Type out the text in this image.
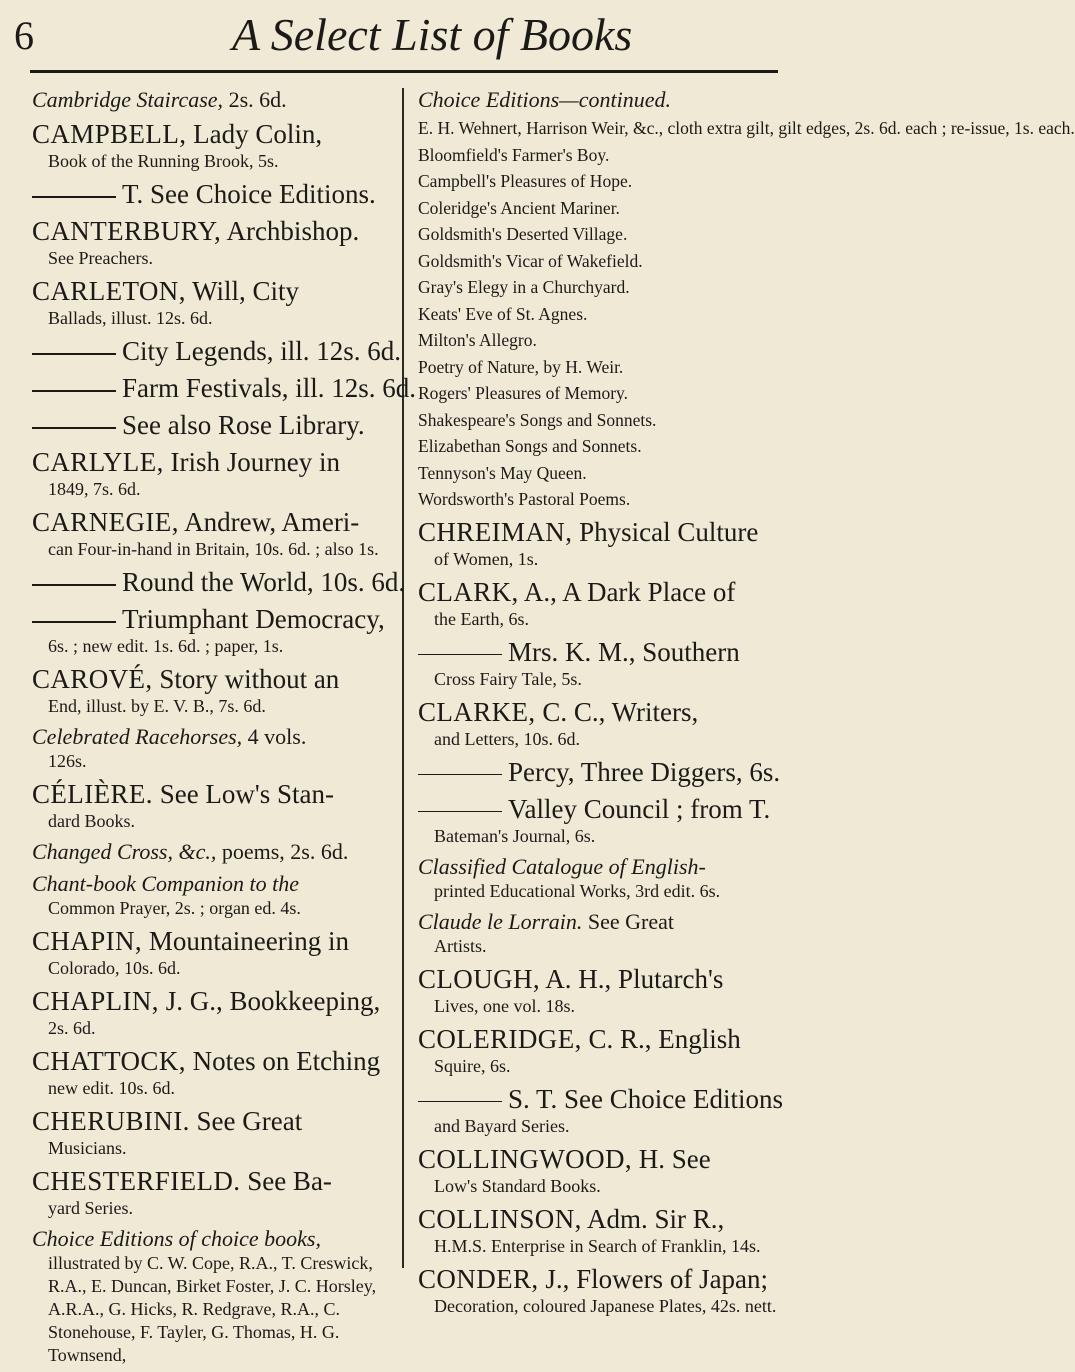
6	A Select List of Books
Cambridge Staircase, 2s. 6d.
CAMPBELL, Lady Colin,
Book of the Running Brook, 5s.
T. See Choice Editions.
CANTERBURY, Archbishop.
See Preachers.
CARLETON, Will, City
Ballads, illust. 12s. 6d.
City Legends, ill. 12s. 6d.
Farm Festivals, ill. 12s. 6d.
See also Rose Library.
CARLYLE, Irish Journey in
1849, 7s. 6d.
CARNEGIE, Andrew, Ameri-
can Four-in-hand in Britain, 10s. 6d. ; also 1s.
Round the World, 10s. 6d.
Triumphant Democracy,
6s. ; new edit. 1s. 6d. ; paper, 1s.
CAROVÉ, Story without an
End, illust. by E. V. B., 7s. 6d.
Celebrated Racehorses, 4 vols.
126s.
CÉLIÈRE. See Low's Stan-
dard Books.
Changed Cross, &c., poems, 2s. 6d.
Chant-book Companion to the
Common Prayer, 2s. ; organ ed. 4s.
CHAPIN, Mountaineering in
Colorado, 10s. 6d.
CHAPLIN, J. G., Bookkeeping,
2s. 6d.
CHATTOCK, Notes on Etching
new edit. 10s. 6d.
CHERUBINI. See Great
Musicians.
CHESTERFIELD. See Ba-
yard Series.
Choice Editions of choice books,
illustrated by C. W. Cope, R.A., T. Creswick, R.A., E. Duncan, Birket Foster, J. C. Horsley, A.R.A., G. Hicks, R. Redgrave, R.A., C. Stonehouse, F. Tayler, G. Thomas, H. G. Townsend,
Choice Editions—continued.
E. H. Wehnert, Harrison Weir, &c., cloth extra gilt, gilt edges, 2s. 6d. each ; re-issue, 1s. each.
Bloomfield's Farmer's Boy.
Campbell's Pleasures of Hope.
Coleridge's Ancient Mariner.
Goldsmith's Deserted Village.
Goldsmith's Vicar of Wakefield.
Gray's Elegy in a Churchyard.
Keats' Eve of St. Agnes.
Milton's Allegro.
Poetry of Nature, by H. Weir.
Rogers' Pleasures of Memory.
Shakespeare's Songs and Sonnets.
Elizabethan Songs and Sonnets.
Tennyson's May Queen.
Wordsworth's Pastoral Poems.
CHREIMAN, Physical Culture
of Women, 1s.
CLARK, A., A Dark Place of
the Earth, 6s.
Mrs. K. M., Southern
Cross Fairy Tale, 5s.
CLARKE, C. C., Writers,
and Letters, 10s. 6d.
Percy, Three Diggers, 6s.
Valley Council ; from T.
Bateman's Journal, 6s.
Classified Catalogue of English-
printed Educational Works, 3rd edit. 6s.
Claude le Lorrain. See Great
Artists.
CLOUGH, A. H., Plutarch's
Lives, one vol. 18s.
COLERIDGE, C. R., English
Squire, 6s.
S. T. See Choice Editions
and Bayard Series.
COLLINGWOOD, H. See
Low's Standard Books.
COLLINSON, Adm. Sir R.,
H.M.S. Enterprise in Search of Franklin, 14s.
CONDER, J., Flowers of Japan;
Decoration, coloured Japanese Plates, 42s. nett.
